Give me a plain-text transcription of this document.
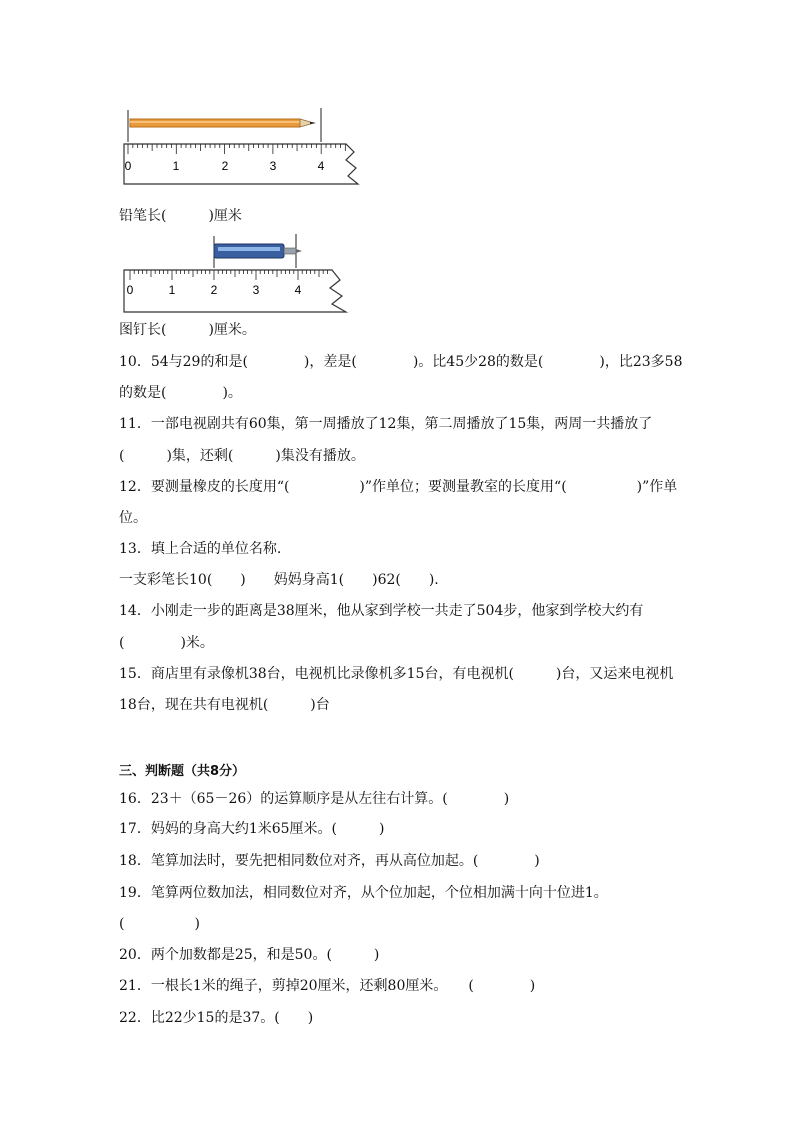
0	1	2	3	4
铅笔长(　　　)厘米
0	1	2	3	4
图钉长(　　　)厘米。
10．54与29的和是(　　　　)，差是(　　　　)。比45少28的数是(　　　　)，比23多58
的数是(　　　　)。
11．一部电视剧共有60集，第一周播放了12集，第二周播放了15集，两周一共播放了
(　　　)集，还剩(　　　)集没有播放。
12．要测量橡皮的长度用“(　　　　　)”作单位；要测量教室的长度用“(　　　　　)”作单
位。
13．填上合适的单位名称.
一支彩笔长10(　　)　　妈妈身高1(　　)62(　　).
14．小刚走一步的距离是38厘米，他从家到学校一共走了504步，他家到学校大约有
(　　　　)米。
15．商店里有录像机38台，电视机比录像机多15台，有电视机(　　　)台，又运来电视机
18台，现在共有电视机(　　　)台
三、判断题（共8分）
16．23＋（65－26）的运算顺序是从左往右计算。(　　　　)
17．妈妈的身高大约1米65厘米。(　　　)
18．笔算加法时，要先把相同数位对齐，再从高位加起。(　　　　)
19．笔算两位数加法，相同数位对齐，从个位加起，个位相加满十向十位进1。
(　　　　　)
20．两个加数都是25，和是50。(　　　)
21．一根长1米的绳子，剪掉20厘米，还剩80厘米。　　(　　　　)
22．比22少15的是37。(　　)
